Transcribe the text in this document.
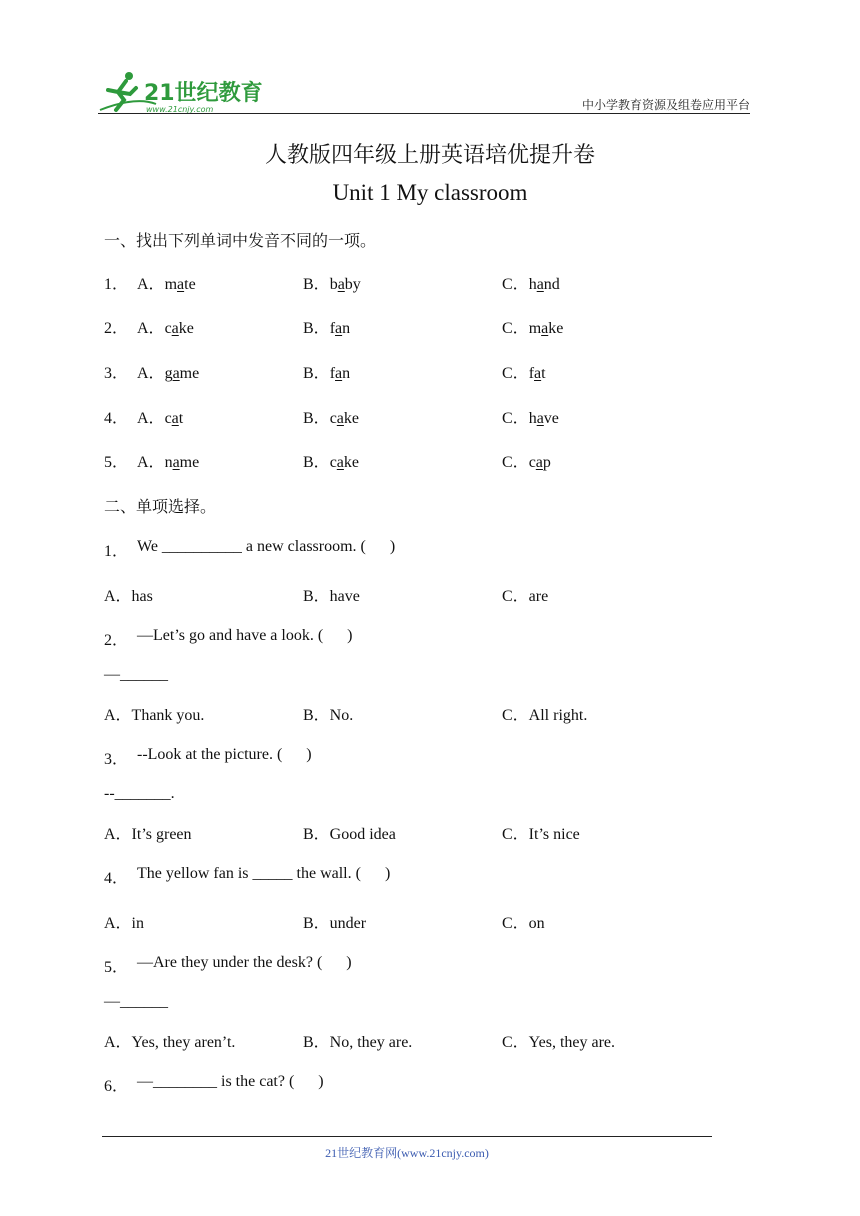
21世纪教育
www.21cnjy.com	中小学教育资源及组卷应用平台
人教版四年级上册英语培优提升卷
Unit 1 My classroom
一、找出下列单词中发音不同的一项。
1． A．mate	B．baby	C．hand
2． A．cake	B．fan	C．make
3． A．game	B．fan	C．fat
4． A．cat	B．cake	C．have
5． A．name	B．cake	C．cap
二、单项选择。
1． We __________ a new classroom. (      )
A．has	B．have	C．are
2． —Let’s go and have a look. (      )
—______
A．Thank you.	B．No.	C．All right.
3． --Look at the picture. (      )
--_______.
A．It’s green	B．Good idea	C．It’s nice
4． The yellow fan is _____ the wall. (      )
A．in	B．under	C．on
5． —Are they under the desk? (      )
—______
A．Yes, they aren’t.	B．No, they are.	C．Yes, they are.
6． —________ is the cat? (      )
21世纪教育网(www.21cnjy.com)
